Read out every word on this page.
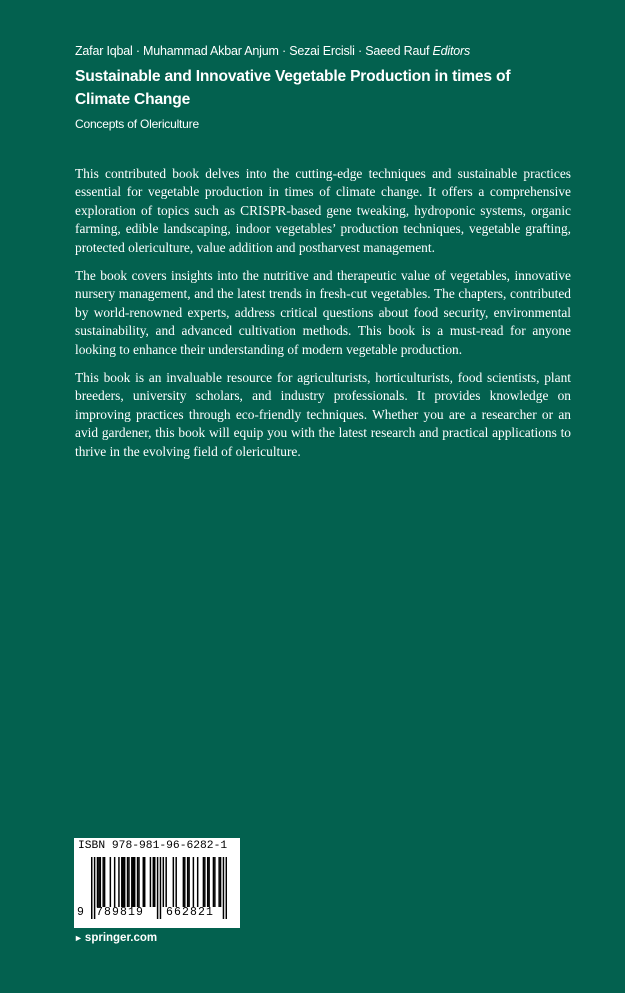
Zafar Iqbal · Muhammad Akbar Anjum · Sezai Ercisli · Saeed Rauf Editors
Sustainable and Innovative Vegetable Production in times of Climate Change
Concepts of Olericulture

This contributed book delves into the cutting-edge techniques and sustainable practices essential for vegetable production in times of climate change. It offers a comprehensive exploration of topics such as CRISPR-based gene tweaking, hydroponic systems, organic farming, edible landscaping, indoor vegetables’ production techniques, vegetable grafting, protected olericulture, value addition and postharvest management.

The book covers insights into the nutritive and therapeutic value of vegetables, innovative nursery management, and the latest trends in fresh-cut vegetables. The chapters, contributed by world-renowned experts, address critical questions about food security, environmental sustainability, and advanced cultivation methods. This book is a must-read for anyone looking to enhance their understanding of modern vegetable production.

This book is an invaluable resource for agriculturists, horticulturists, food scientists, plant breeders, university scholars, and industry professionals. It provides knowledge on improving practices through eco-friendly techniques. Whether you are a researcher or an avid gardener, this book will equip you with the latest research and practical applications to thrive in the evolving field of olericulture.

ISBN 978-981-96-6282-1
9 789819 662821
► springer.com
